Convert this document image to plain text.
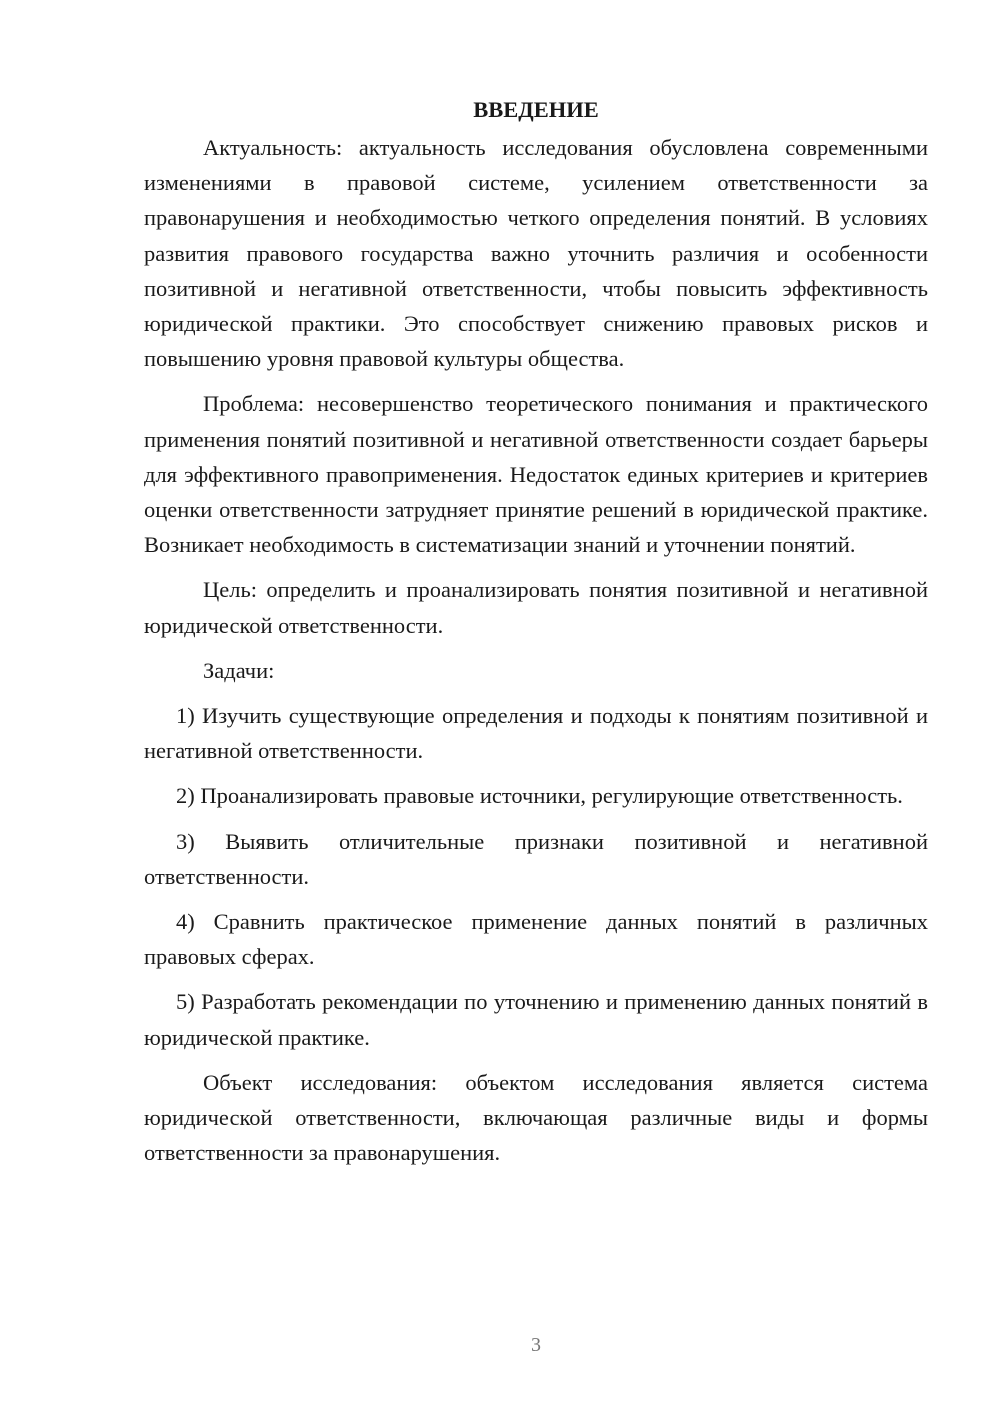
ВВЕДЕНИЕ

Актуальность: актуальность исследования обусловлена современными изменениями в правовой системе, усилением ответственности за правонарушения и необходимостью четкого определения понятий. В условиях развития правового государства важно уточнить различия и особенности позитивной и негативной ответственности, чтобы повысить эффективность юридической практики. Это способствует снижению правовых рисков и повышению уровня правовой культуры общества.

Проблема: несовершенство теоретического понимания и практического применения понятий позитивной и негативной ответственности создает барьеры для эффективного правоприменения. Недостаток единых критериев и критериев оценки ответственности затрудняет принятие решений в юридической практике. Возникает необходимость в систематизации знаний и уточнении понятий.

Цель: определить и проанализировать понятия позитивной и негативной юридической ответственности.

Задачи:

1) Изучить существующие определения и подходы к понятиям позитивной и негативной ответственности.

2) Проанализировать правовые источники, регулирующие ответственность.

3) Выявить отличительные признаки позитивной и негативной ответственности.

4) Сравнить практическое применение данных понятий в различных правовых сферах.

5) Разработать рекомендации по уточнению и применению данных понятий в юридической практике.

Объект исследования: объектом исследования является система юридической ответственности, включающая различные виды и формы ответственности за правонарушения.

3
